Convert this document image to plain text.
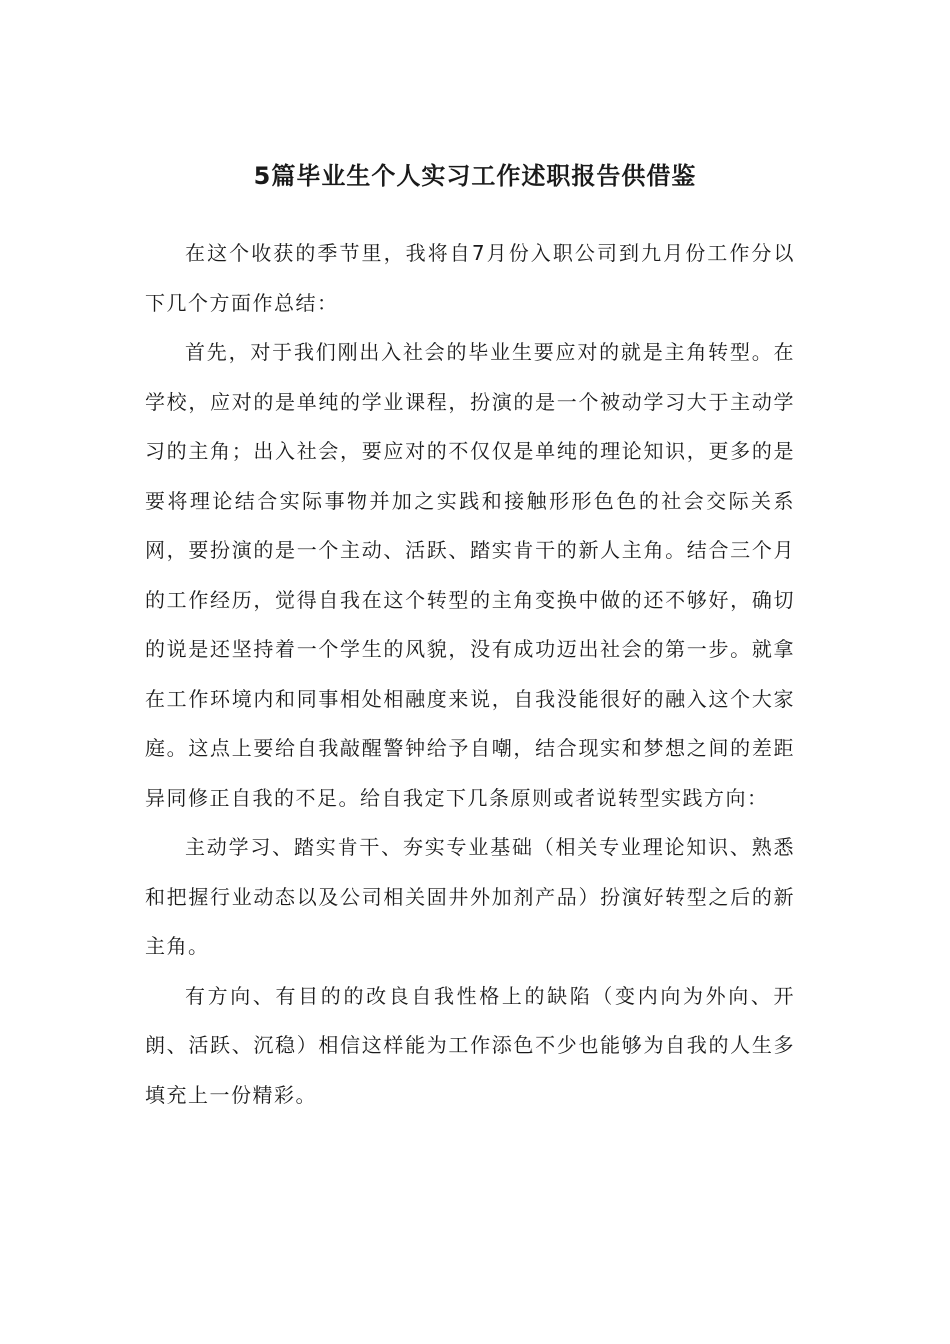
5篇毕业生个人实习工作述职报告供借鉴

在这个收获的季节里，我将自7月份入职公司到九月份工作分以下几个方面作总结：

首先，对于我们刚出入社会的毕业生要应对的就是主角转型。在学校，应对的是单纯的学业课程，扮演的是一个被动学习大于主动学习的主角；出入社会，要应对的不仅仅是单纯的理论知识，更多的是要将理论结合实际事物并加之实践和接触形形色色的社会交际关系网，要扮演的是一个主动、活跃、踏实肯干的新人主角。结合三个月的工作经历，觉得自我在这个转型的主角变换中做的还不够好，确切的说是还坚持着一个学生的风貌，没有成功迈出社会的第一步。就拿在工作环境内和同事相处相融度来说，自我没能很好的融入这个大家庭。这点上要给自我敲醒警钟给予自嘲，结合现实和梦想之间的差距异同修正自我的不足。给自我定下几条原则或者说转型实践方向：

主动学习、踏实肯干、夯实专业基础（相关专业理论知识、熟悉和把握行业动态以及公司相关固井外加剂产品）扮演好转型之后的新主角。

有方向、有目的的改良自我性格上的缺陷（变内向为外向、开朗、活跃、沉稳）相信这样能为工作添色不少也能够为自我的人生多填充上一份精彩。
